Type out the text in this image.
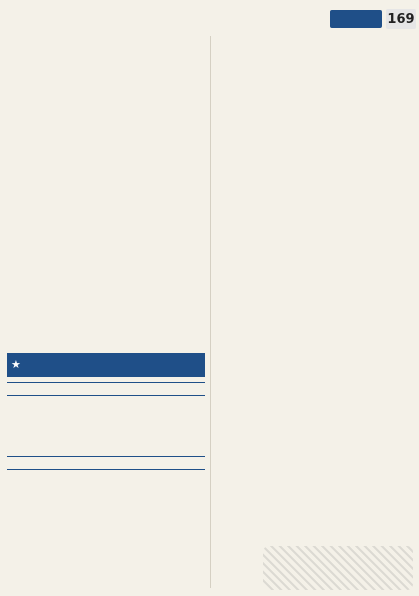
169
★
